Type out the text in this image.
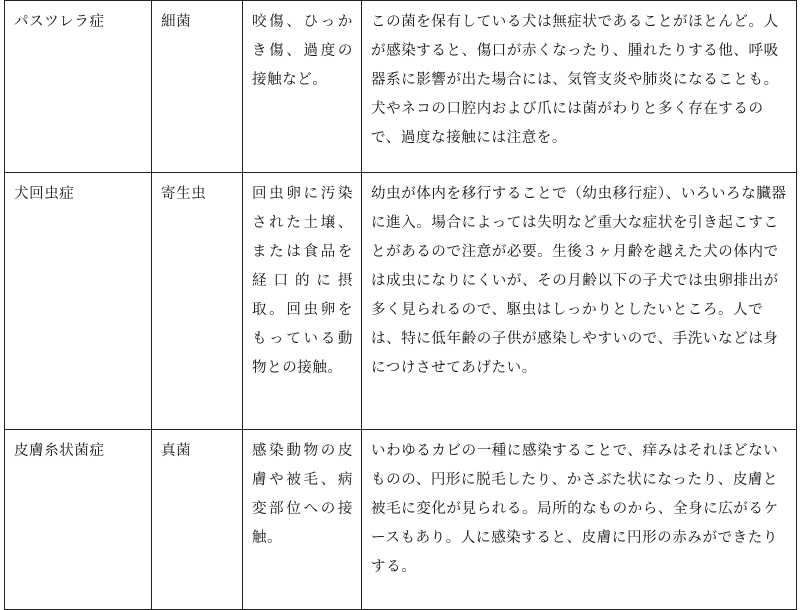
パスツレラ症	細菌	咬傷、ひっかき傷、過度の接触など。	この菌を保有している犬は無症状であることがほとんど。人が感染すると、傷口が赤くなったり、腫れたりする他、呼吸器系に影響が出た場合には、気管支炎や肺炎になることも。犬やネコの口腔内および爪には菌がわりと多く存在するので、過度な接触には注意を。
犬回虫症	寄生虫	回虫卵に汚染された土壌、または食品を経口的に摂取。回虫卵をもっている動物との接触。	幼虫が体内を移行することで（幼虫移行症）、いろいろな臓器に進入。場合によっては失明など重大な症状を引き起こすことがあるので注意が必要。生後３ヶ月齢を越えた犬の体内では成虫になりにくいが、その月齢以下の子犬では虫卵排出が多く見られるので、駆虫はしっかりとしたいところ。人では、特に低年齢の子供が感染しやすいので、手洗いなどは身につけさせてあげたい。
皮膚糸状菌症	真菌	感染動物の皮膚や被毛、病変部位への接触。	いわゆるカビの一種に感染することで、痒みはそれほどないものの、円形に脱毛したり、かさぶた状になったり、皮膚と被毛に変化が見られる。局所的なものから、全身に広がるケースもあり。人に感染すると、皮膚に円形の赤みができたりする。
